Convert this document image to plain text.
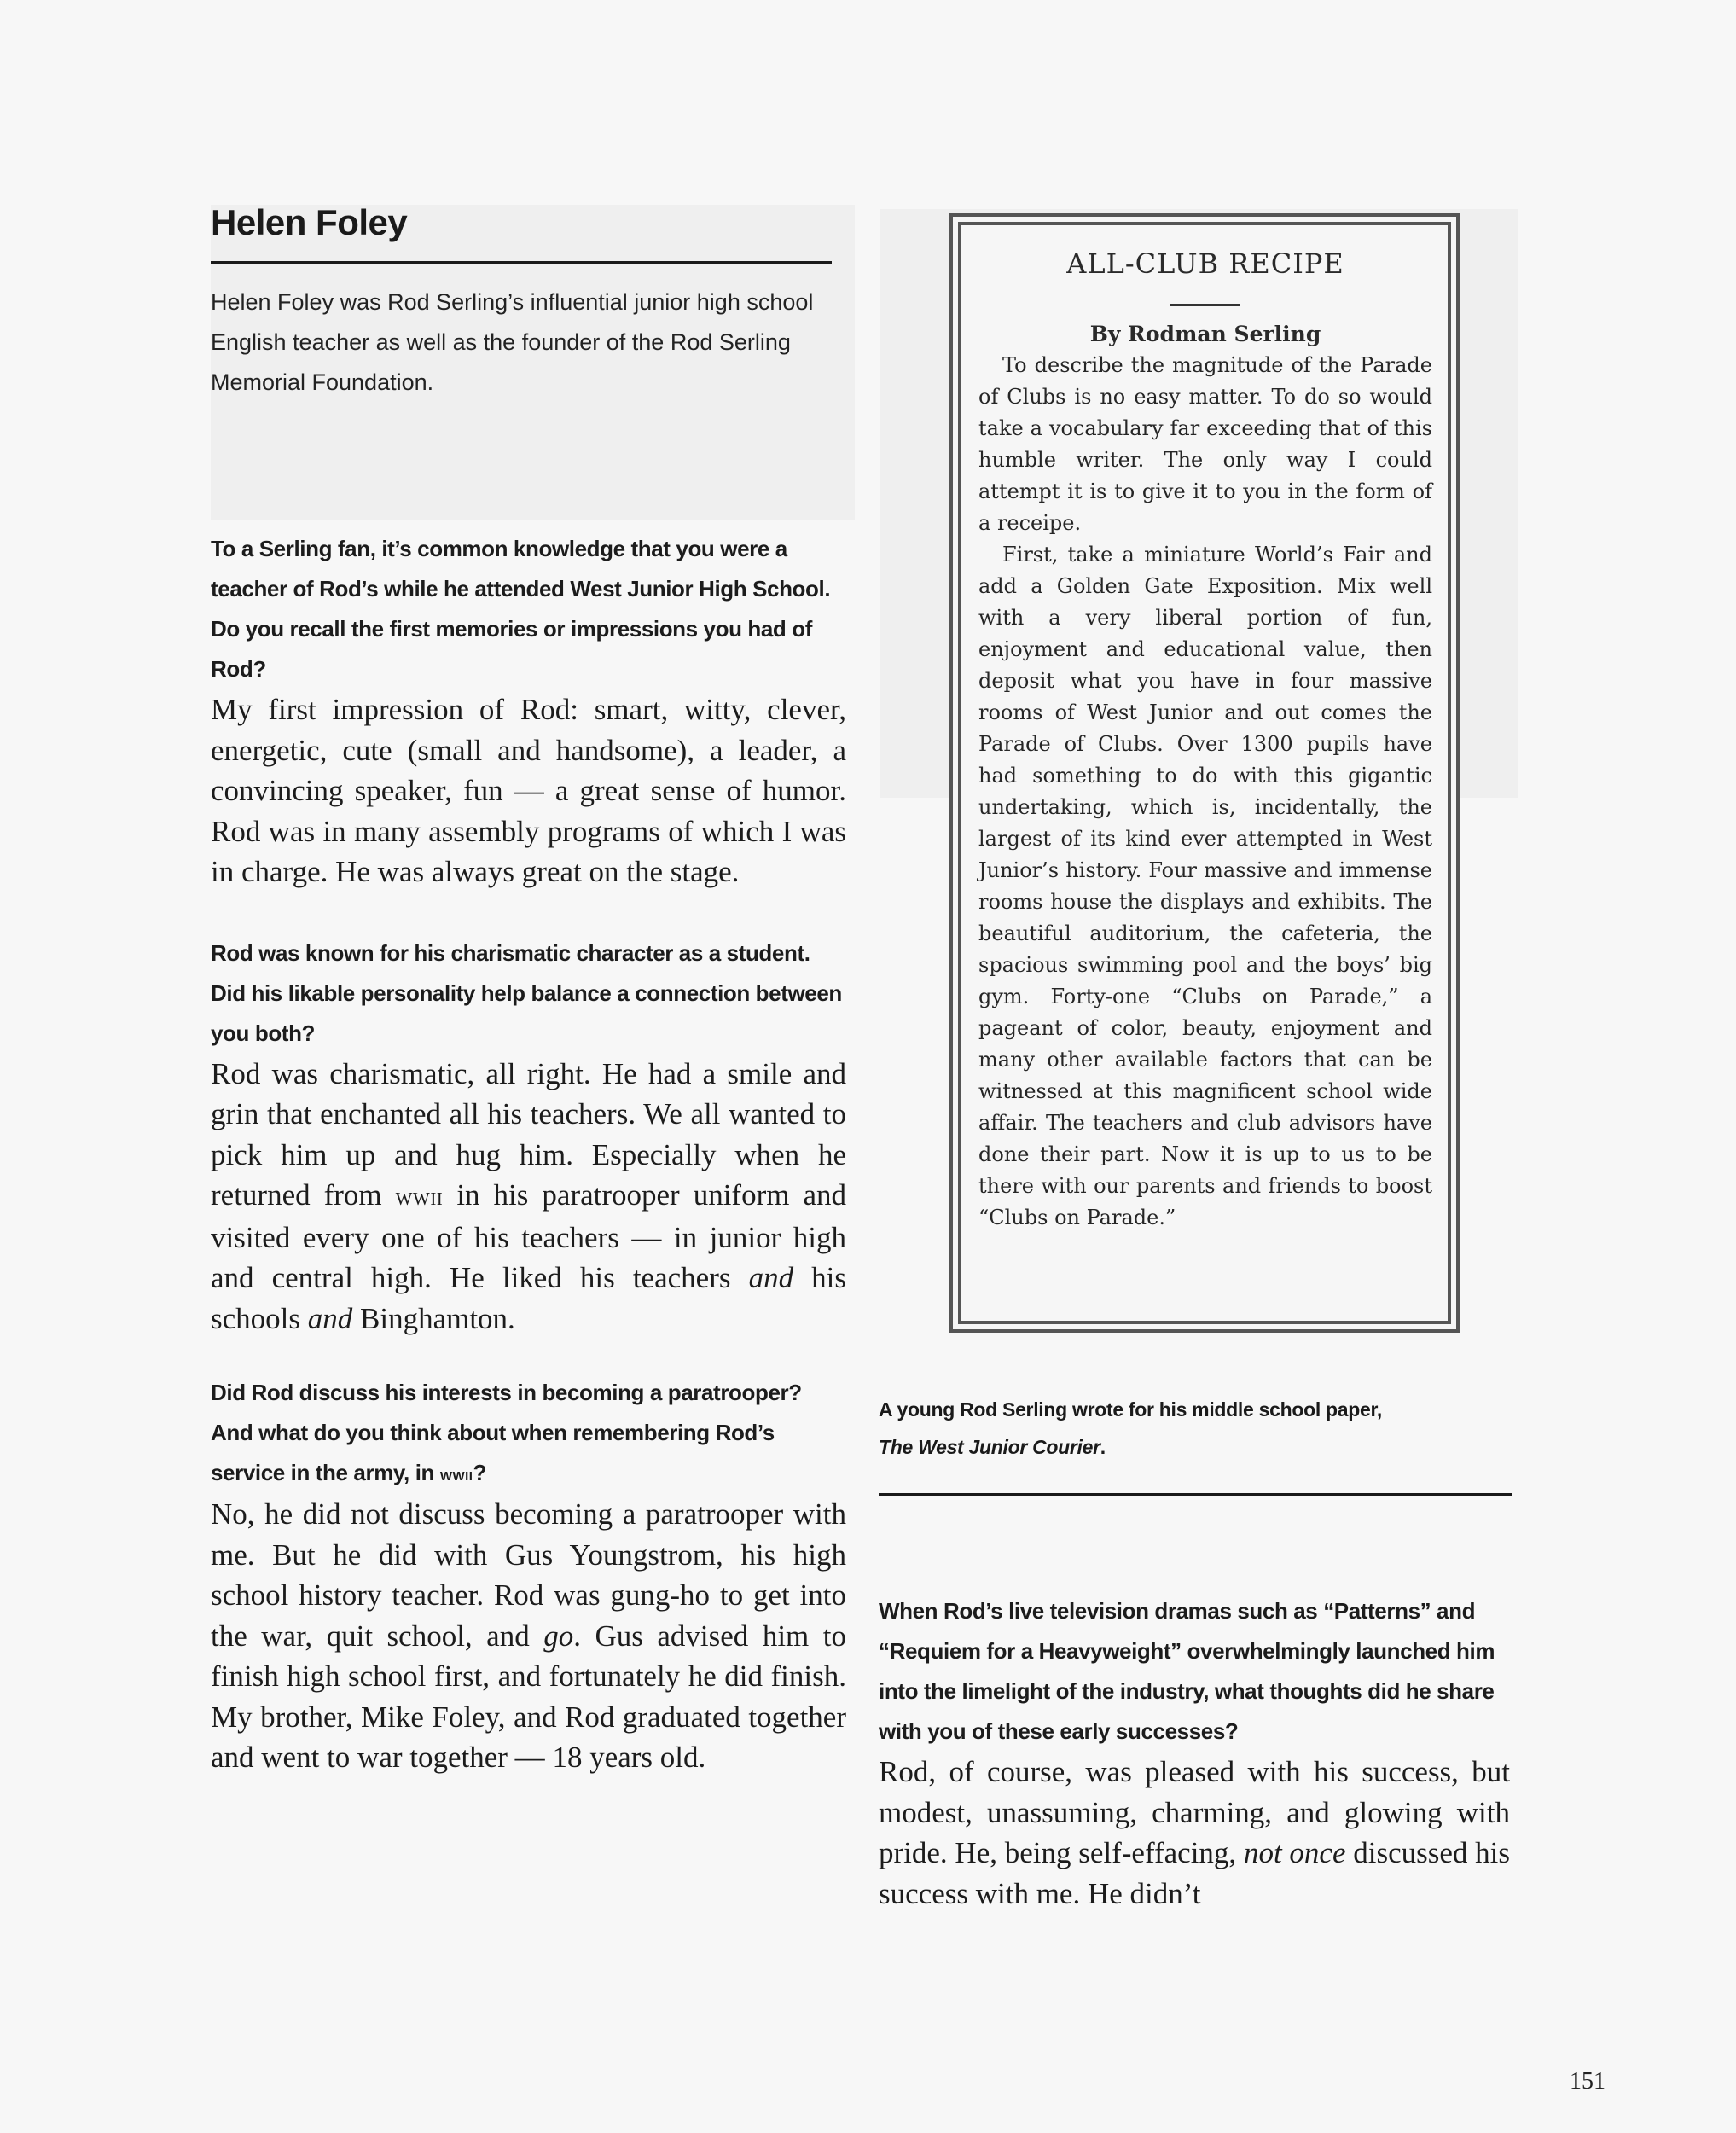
Helen Foley
Helen Foley was Rod Serling’s influential junior high school English teacher as well as the founder of the Rod Serling Memorial Foundation.
To a Serling fan, it’s common knowledge that you were a teacher of Rod’s while he attended West Junior High School. Do you recall the first memories or impressions you had of Rod?
My first impression of Rod: smart, witty, clever, energetic, cute (small and handsome), a leader, a convincing speaker, fun — a great sense of humor. Rod was in many assembly programs of which I was in charge. He was always great on the stage.
Rod was known for his charismatic character as a student. Did his likable personality help balance a connection between you both?
Rod was charismatic, all right. He had a smile and grin that enchanted all his teachers. We all wanted to pick him up and hug him. Especially when he returned from wwii in his paratrooper uniform and visited every one of his teachers — in junior high and central high. He liked his teachers and his schools and Binghamton.
Did Rod discuss his interests in becoming a paratrooper? And what do you think about when remembering Rod’s service in the army, in wwii?
No, he did not discuss becoming a paratrooper with me. But he did with Gus Youngstrom, his high school history teacher. Rod was gung-ho to get into the war, quit school, and go. Gus advised him to finish high school first, and fortunately he did finish. My brother, Mike Foley, and Rod graduated together and went to war together — 18 years old.
ALL-CLUB RECIPE
By Rodman Serling

To describe the magnitude of the Parade of Clubs is no easy matter. To do so would take a vocabulary far exceeding that of this humble writer. The only way I could attempt it is to give it to you in the form of a receipe.

First, take a miniature World’s Fair and add a Golden Gate Exposition. Mix well with a very liberal portion of fun, enjoyment and educational value, then deposit what you have in four massive rooms of West Junior and out comes the Parade of Clubs. Over 1300 pupils have had something to do with this gigantic undertaking, which is, incidentally, the largest of its kind ever attempted in West Junior’s history. Four massive and immense rooms house the displays and exhibits. The beautiful auditorium, the cafeteria, the spacious swimming pool and the boys’ big gym. Forty-one “Clubs on Parade,” a pageant of color, beauty, enjoyment and many other available factors that can be witnessed at this magnificent school wide affair. The teachers and club advisors have done their part. Now it is up to us to be there with our parents and friends to boost “Clubs on Parade.”

A young Rod Serling wrote for his middle school paper,
The West Junior Courier.
When Rod’s live television dramas such as “Patterns” and “Requiem for a Heavyweight” overwhelmingly launched him into the limelight of the industry, what thoughts did he share with you of these early successes?
Rod, of course, was pleased with his success, but modest, unassuming, charming, and glowing with pride. He, being self-effacing, not once discussed his success with me. He didn’t
151
